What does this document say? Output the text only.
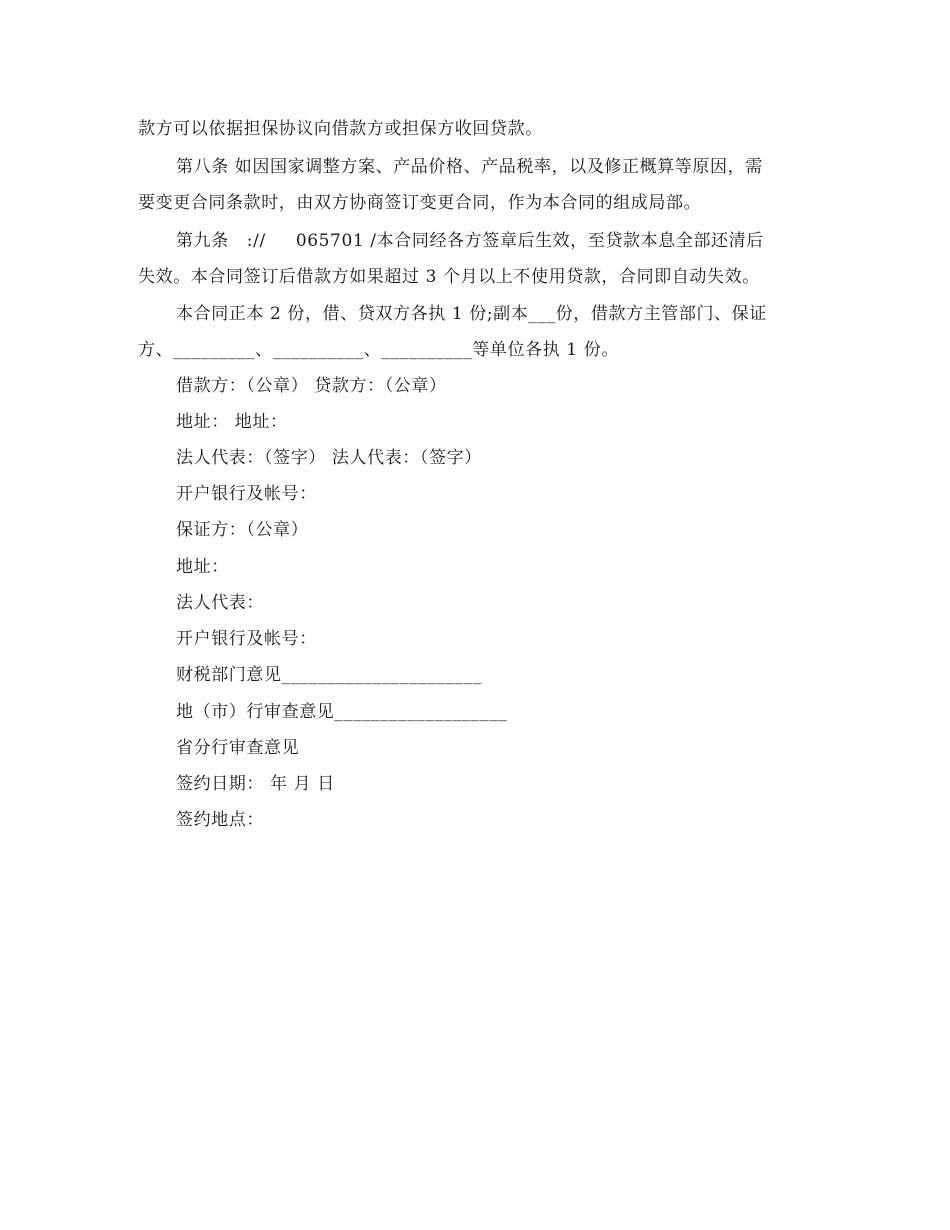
款方可以依据担保协议向借款方或担保方收回贷款。
第八条 如因国家调整方案、产品价格、产品税率，以及修正概算等原因，需
要变更合同条款时，由双方协商签订变更合同，作为本合同的组成局部。
第九条   ://     065701 /本合同经各方签章后生效，至贷款本息全部还清后
失效。本合同签订后借款方如果超过 3 个月以上不使用贷款，合同即自动失效。
本合同正本 2 份，借、贷双方各执 1 份;副本___份，借款方主管部门、保证
方、_________、__________、__________等单位各执 1 份。
借款方：（公章） 贷款方：（公章）
地址： 地址：
法人代表：（签字） 法人代表：（签字）
开户银行及帐号：
保证方：（公章）
地址：
法人代表：
开户银行及帐号：
财税部门意见______________________
地（市）行审查意见___________________
省分行审查意见
签约日期： 年 月 日
签约地点：
